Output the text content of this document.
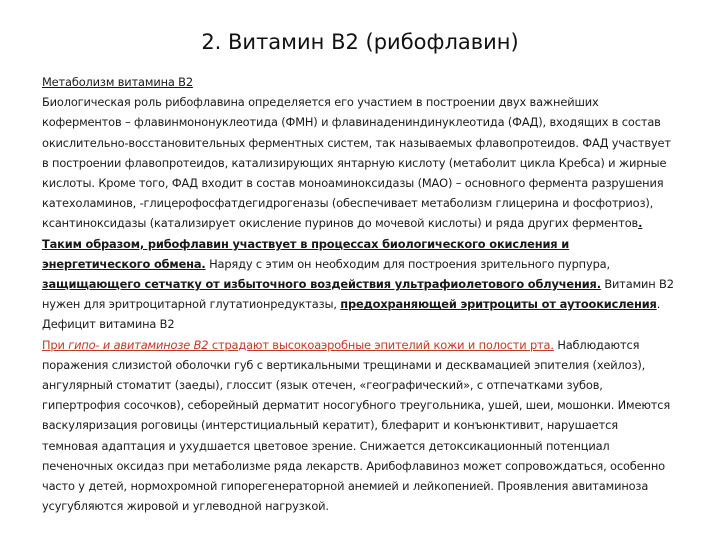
2. Витамин В2 (рибофлавин)

Метаболизм витамина В2

Биологическая роль рибофлавина определяется его участием в построении двух важнейших коферментов – флавинмононуклеотида (ФМН) и флавинадениндинуклеотида (ФАД), входящих в состав окислительно-восстановительных ферментных систем, так называемых флавопротеидов. ФАД участвует в построении флавопротеидов, катализирующих янтарную кислоту (метаболит цикла Кребса) и жирные кислоты. Кроме того, ФАД входит в состав моноаминоксидазы (МАО) – основного фермента разрушения катехоламинов, -глицерофосфатдегидрогеназы (обеспечивает метаболизм глицерина и фосфотриоз), ксантиноксидазы (катализирует окисление пуринов до мочевой кислоты) и ряда других ферментов.
Таким образом, рибофлавин участвует в процессах биологического окисления и энергетического обмена. Наряду с этим он необходим для построения зрительного пурпура, защищающего сетчатку от избыточного воздействия ультрафиолетового облучения. Витамин В2 нужен для эритроцитарной глутатионредуктазы, предохраняющей эритроциты от аутоокисления.

Дефицит витамина В2

При гипо- и авитаминозе В2 страдают высокоаэробные эпителий кожи и полости рта. Наблюдаются поражения слизистой оболочки губ с вертикальными трещинами и десквамацией эпителия (хейлоз), ангулярный стоматит (заеды), глоссит (язык отечен, «географический», с отпечатками зубов, гипертрофия сосочков), себорейный дерматит носогубного треугольника, ушей, шеи, мошонки. Имеются васкуляризация роговицы (интерстициальный кератит), блефарит и конъюнктивит, нарушается темновая адаптация и ухудшается цветовое зрение. Снижается детоксикационный потенциал печеночных оксидаз при метаболизме ряда лекарств. Арибофлавиноз может сопровождаться, особенно часто у детей, нормохромной гипорегенераторной анемией и лейкопенией. Проявления авитаминоза усугубляются жировой и углеводной нагрузкой.
